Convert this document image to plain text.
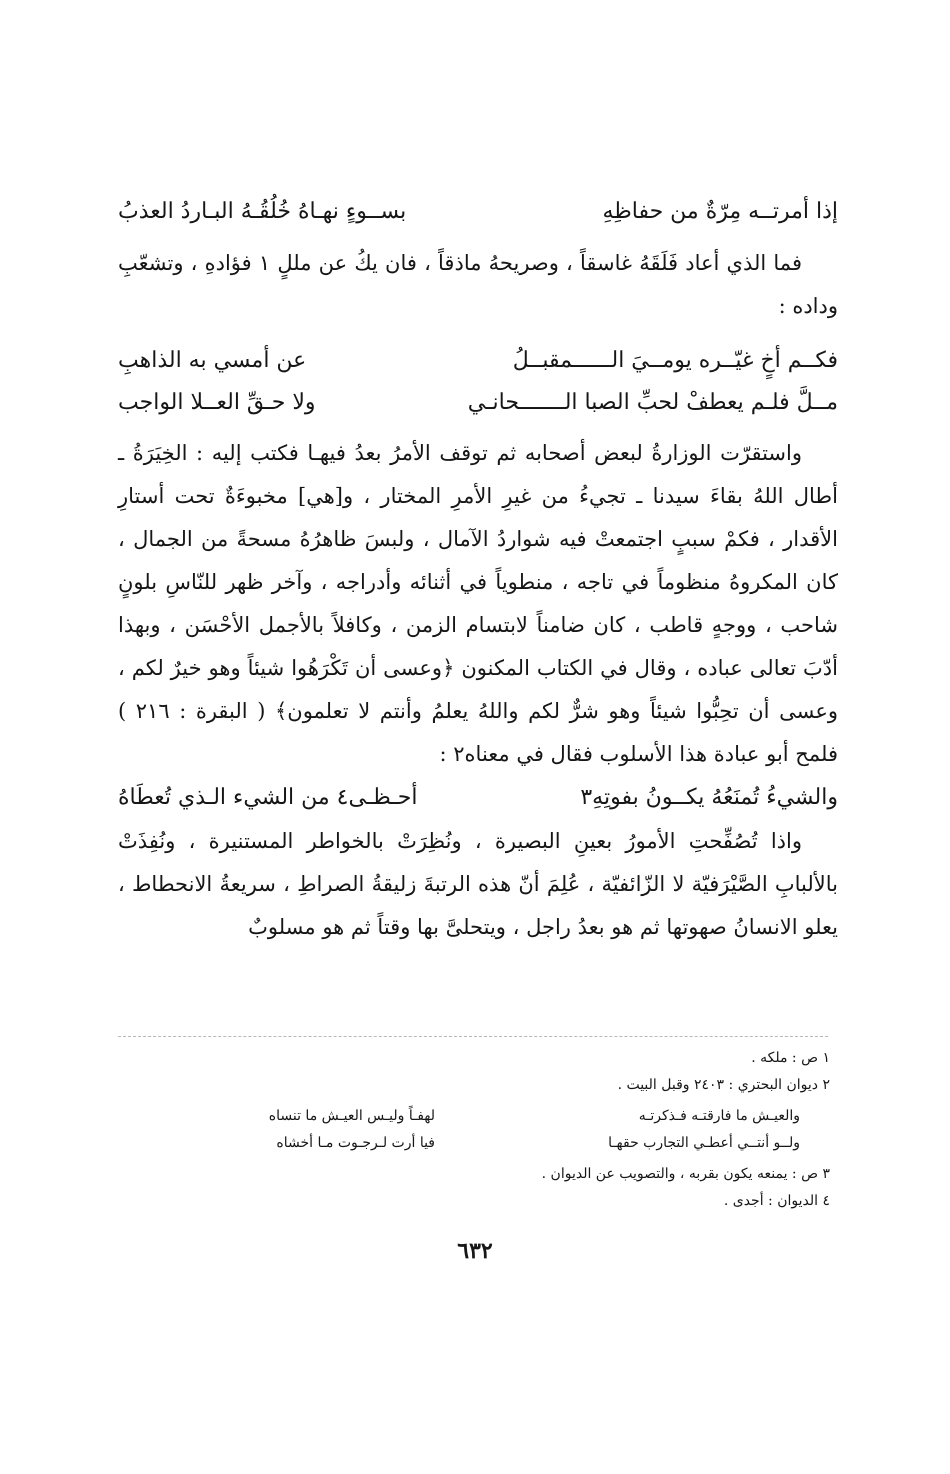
إذا أمرتــه مِرّةٌ من حفاظِهِ
بســوءٍ نهـاهُ خُلُقُـهُ البـاردُ العذبُ

فما الذي أعاد فَلَقَهُ غاسقاً ، وصريحهُ ماذقاً ، فان يكُ عن مللٍ ١ فؤادهِ ، وتشعّبِ وداده :

فكــم أخٍ غيّــره يومــيَ الــــــمقبــلُ
عن أمسي به الذاهبِ
مــلَّ فلـم يعطفْ لحبِّ الصبا الـــــــحانـي
ولا حـقِّ العــلا الواجب

واستقرّت الوزارةُ لبعض أصحابه ثم توقف الأمرُ بعدُ فيهـا فكتب إليه : الخِيَرَةُ ـ أطال اللهُ بقاءَ سيدنا ـ تجيءُ من غيرِ الأمرِ المختار ، و[هي] مخبوءَةٌ تحت أستارِ الأقدار ، فكمْ سببٍ اجتمعتْ فيه شواردُ الآمال ، ولبسَ ظاهرُهُ مسحةً من الجمال ، كان المكروهُ منظوماً في تاجه ، منطوياً في أثنائه وأدراجه ، وآخر ظهر للنّاسِ بلونٍ شاحب ، ووجهٍ قاطب ، كان ضامناً لابتسام الزمن ، وكافلاً بالأجمل الأحْسَن ، وبهذا أدّبَ تعالى عباده ، وقال في الكتاب المكنون ﴿وعسى أن تَكْرَهُوا شيئاً وهو خيرٌ لكم ، وعسى أن تحِبُّوا شيئاً وهو شرٌّ لكم واللهُ يعلمُ وأنتم لا تعلمون﴾ ( البقرة : ٢١٦ ) فلمح أبو عبادة هذا الأسلوب فقال في معناه٢ :

والشيءُ تُمنَعُهُ يكــونُ بفوتِهِ٣
أحـظـى٤ من الشيء الـذي تُعطَاهُ

واذا تُصُفِّحتِ الأمورُ بعينِ البصيرة ، ونُظِرَتْ بالخواطر المستنيرة ، ونُفِذَتْ بالألبابِ الصَّيْرَفيّة لا الزّائفيّة ، عُلِمَ أنّ هذه الرتبةَ زليقةُ الصراطِ ، سريعةُ الانحطاط ، يعلو الانسانُ صهوتها ثم هو بعدُ راجل ، ويتحلىَّ بها وقتاً ثم هو مسلوبٌ

١ ص : ملكه .

٢ ديوان البحتري : ٢٤٠٣ وقبل البيت .

والعيـش ما فارقتـه فـذكرتـه
لهفـاً وليـس العيـش ما تنساه
ولــو أنتــي أعطـي التجارب حقهـا
فيا أرت لـرجـوت مـا أخشاه

٣ ص : يمنعه يكون بقربه ، والتصويب عن الديوان .

٤ الديوان : أجدى .

٦٣٢
